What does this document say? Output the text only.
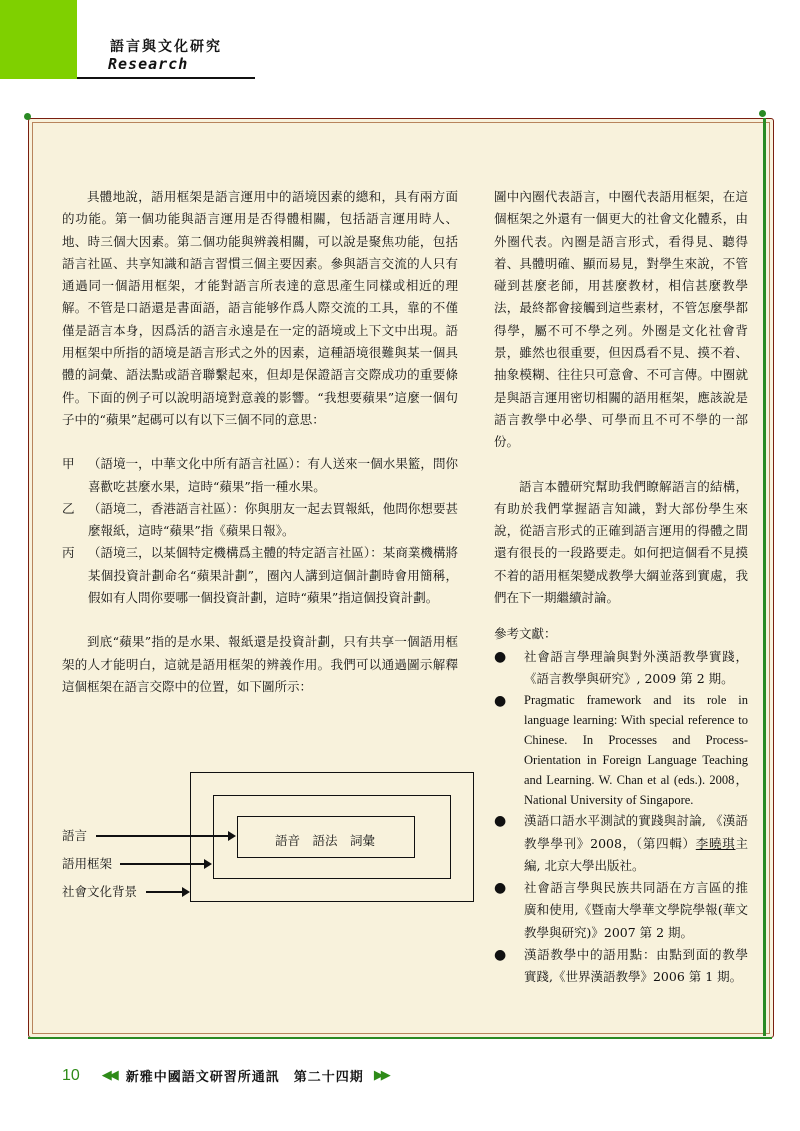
語言與文化研究
Research

具體地說，語用框架是語言運用中的語境因素的總和，具有兩方面的功能。第一個功能與語言運用是否得體相關，包括語言運用時人、地、時三個大因素。第二個功能與辨義相關，可以說是聚焦功能，包括語言社區、共享知識和語言習慣三個主要因素。參與語言交流的人只有通過同一個語用框架，才能對語言所表達的意思產生同樣或相近的理解。不管是口語還是書面語，語言能够作爲人際交流的工具，靠的不僅僅是語言本身，因爲活的語言永遠是在一定的語境或上下文中出現。語用框架中所指的語境是語言形式之外的因素，這種語境很難與某一個具體的詞彙、語法點或語音聯繫起來，但却是保證語言交際成功的重要條件。下面的例子可以說明語境對意義的影響。“我想要蘋果”這麼一個句子中的“蘋果”起碼可以有以下三個不同的意思：

甲	（語境一，中華文化中所有語言社區）：有人送來一個水果籃，問你喜歡吃甚麼水果，這時“蘋果”指一種水果。
乙	（語境二，香港語言社區）：你與朋友一起去買報紙，他問你想要甚麼報紙，這時“蘋果”指《蘋果日報》。
丙	（語境三，以某個特定機構爲主體的特定語言社區）：某商業機構將某個投資計劃命名“蘋果計劃”，圈內人講到這個計劃時會用簡稱，假如有人問你要哪一個投資計劃，這時“蘋果”指這個投資計劃。

到底“蘋果”指的是水果、報紙還是投資計劃，只有共享一個語用框架的人才能明白，這就是語用框架的辨義作用。我們可以通過圖示解釋這個框架在語言交際中的位置，如下圖所示：

語音　語法　詞彙
語言
語用框架
社會文化背景

圖中內圈代表語言，中圈代表語用框架，在這個框架之外還有一個更大的社會文化體系，由外圈代表。內圈是語言形式，看得見、聽得着、具體明確、顯而易見，對學生來說，不管碰到甚麼老師，用甚麼教材，相信甚麼教學法，最終都會接觸到這些素材，不管怎麼學都得學，屬不可不學之列。外圈是文化社會背景，雖然也很重要，但因爲看不見、摸不着、抽象模糊、往往只可意會、不可言傳。中圈就是與語言運用密切相關的語用框架，應該說是語言教學中必學、可學而且不可不學的一部份。

語言本體研究幫助我們瞭解語言的結構，有助於我們掌握語言知識，對大部份學生來說，從語言形式的正確到語言運用的得體之間還有很長的一段路要走。如何把這個看不見摸不着的語用框架變成教學大綱並落到實處，我們在下一期繼續討論。

參考文獻：

●	社會語言學理論與對外漢語教學實踐，《語言教學與研究》, 2009 第 2 期。
●	Pragmatic framework and its role in language learning: With special reference to Chinese. In Processes and Process-Orientation in Foreign Language Teaching and Learning. W. Chan et al (eds.). 2008，National University of Singapore.
●	漢語口語水平測試的實踐與討論, 《漢語教學學刊》2008，（第四輯）李曉琪主編, 北京大學出版社。
●	社會語言學與民族共同語在方言區的推廣和使用,《暨南大學華文學院學報(華文教學與研究)》2007 第 2 期。
●	漢語教學中的語用點：由點到面的教學實踐,《世界漢語教學》2006 第 1 期。
10 ◀◀ 新雅中國語文研習所通訊　第二十四期 ▶▶
